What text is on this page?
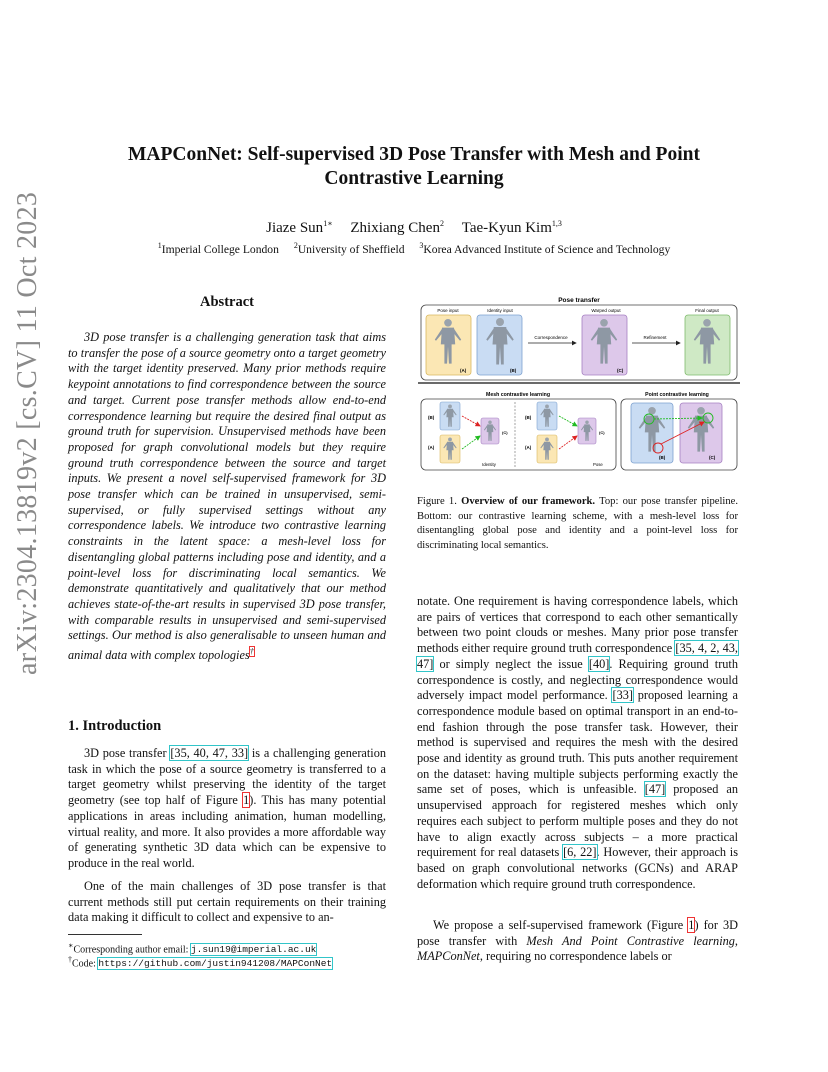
arXiv:2304.13819v2 [cs.CV] 11 Oct 2023
MAPConNet: Self-supervised 3D Pose Transfer with Mesh and Point
Contrastive Learning
Jiaze Sun$^{1∗}$ Zhixiang Chen$^2$ Tae-Kyun Kim$^{1,3}$
$^1$Imperial College London $^2$University of Sheffield $^3$Korea Advanced Institute of Science and Technology
Abstract
3D pose transfer is a challenging generation task that aims to transfer the pose of a source geometry onto a target geometry with the target identity preserved. Many prior methods require keypoint annotations to find correspondence between the source and target. Current pose transfer methods allow end-to-end correspondence learning but require the desired final output as ground truth for supervision. Unsupervised methods have been proposed for graph convolutional models but they require ground truth correspondence between the source and target inputs. We present a novel self-supervised framework for 3D pose transfer which can be trained in unsupervised, semi-supervised, or fully supervised settings without any correspondence labels. We introduce two contrastive learning constraints in the latent space: a mesh-level loss for disentangling global patterns including pose and identity, and a point-level loss for discriminating local semantics. We demonstrate quantitatively and qualitatively that our method achieves state-of-the-art results in supervised 3D pose transfer, with comparable results in unsupervised and semi-supervised settings. Our method is also generalisable to unseen human and animal data with complex topologies†
1. Introduction
3D pose transfer [35, 40, 47, 33] is a challenging generation task in which the pose of a source geometry is transferred to a target geometry whilst preserving the identity of the target geometry (see top half of Figure 1). This has many potential applications in areas including animation, human modelling, virtual reality, and more. It also provides a more affordable way of generating synthetic 3D data which can be expensive to produce in the real world.
One of the main challenges of 3D pose transfer is that current methods still put certain requirements on their training data making it difficult to collect and expensive to an-
∗Corresponding author email: j.sun19@imperial.ac.uk
†Code: https://github.com/justin941208/MAPConNet
Pose transfer
Pose input	Identity input
(A)	(B)
Correspondence
Warped output
(C)
Refinement
Final output
Mesh contrastive learning
(B)
(A)
(C)
Identity
(B)
(A)
(C)
Pose
Point contrastive learning
(B)	(C)
Figure 1. Overview of our framework. Top: our pose transfer pipeline. Bottom: our contrastive learning scheme, with a mesh-level loss for disentangling global pose and identity and a point-level loss for discriminating local semantics.
notate. One requirement is having correspondence labels, which are pairs of vertices that correspond to each other semantically between two point clouds or meshes. Many prior pose transfer methods either require ground truth correspondence [35, 4, 2, 43, 47] or simply neglect the issue [40]. Requiring ground truth correspondence is costly, and neglecting correspondence would adversely impact model performance. [33] proposed learning a correspondence module based on optimal transport in an end-to-end fashion through the pose transfer task. However, their method is supervised and requires the mesh with the desired pose and identity as ground truth. This puts another requirement on the dataset: having multiple subjects performing exactly the same set of poses, which is unfeasible. [47] proposed an unsupervised approach for registered meshes which only requires each subject to perform multiple poses and they do not have to align exactly across subjects – a more practical requirement for real datasets [6, 22]. However, their approach is based on graph convolutional networks (GCNs) and ARAP deformation which require ground truth correspondence.
We propose a self-supervised framework (Figure 1) for 3D pose transfer with Mesh And Point Contrastive learning, MAPConNet, requiring no correspondence labels or
